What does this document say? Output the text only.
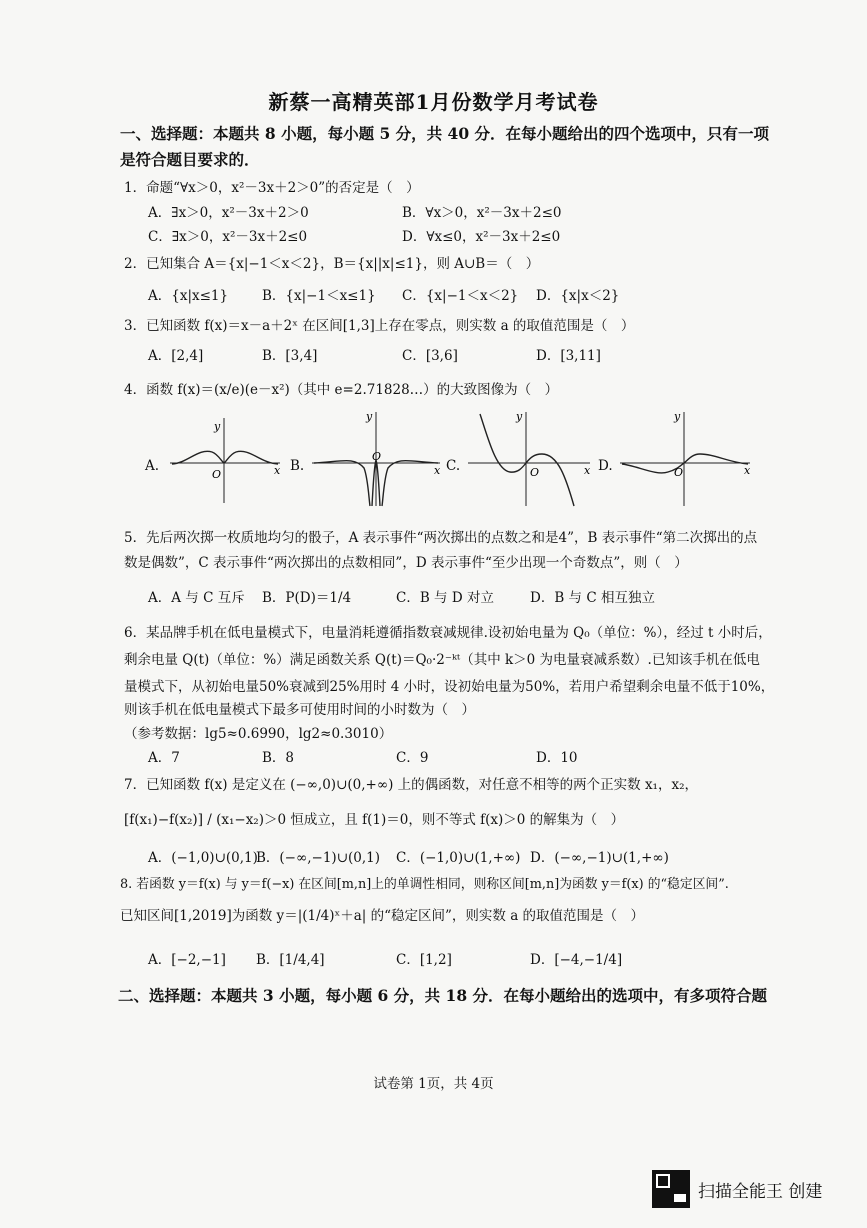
新蔡一高精英部1月份数学月考试卷
一、选择题：本题共 8 小题，每小题 5 分，共 40 分．在每小题给出的四个选项中，只有一项
是符合题目要求的．
1．命题“∀x＞0，x²－3x＋2＞0”的否定是（　）
A．∃x＞0，x²－3x＋2＞0	B．∀x＞0，x²－3x＋2≤0
C．∃x＞0，x²－3x＋2≤0	D．∀x≤0，x²－3x＋2≤0
2．已知集合 A＝{x|−1＜x＜2}，B＝{x||x|≤1}，则 A∪B＝（　）
A．{x|x≤1}	B．{x|−1＜x≤1} C．{x|−1＜x＜2} D．{x|x＜2}
3．已知函数 f(x)＝x－a＋2ˣ 在区间[1,3]上存在零点，则实数 a 的取值范围是（　）
A．[2,4]	B．[3,4]	C．[3,6]	D．[3,11]
4．函数 f(x)＝(x/e)(e－x²)（其中 e=2.71828…）的大致图像为（　）
A.
y
O	x B.
y
O
x C.
y
O	x D.
y
O	x
5．先后两次掷一枚质地均匀的骰子，A 表示事件“两次掷出的点数之和是4”，B 表示事件“第二次掷出的点
数是偶数”，C 表示事件“两次掷出的点数相同”，D 表示事件“至少出现一个奇数点”，则（　）
A．A 与 C 互斥 B．P(D)＝1/4	C．B 与 D 对立	D．B 与 C 相互独立
6．某品牌手机在低电量模式下，电量消耗遵循指数衰减规律.设初始电量为 Q₀（单位：%），经过 t 小时后，
剩余电量 Q(t)（单位：%）满足函数关系 Q(t)＝Q₀·2⁻ᵏᵗ（其中 k＞0 为电量衰减系数）.已知该手机在低电
量模式下，从初始电量50%衰减到25%用时 4 小时，设初始电量为50%，若用户希望剩余电量不低于10%，
则该手机在低电量模式下最多可使用时间的小时数为（　）
（参考数据：lg5≈0.6990，lg2≈0.3010）
A．7	B．8	C．9	D．10
7．已知函数 f(x) 是定义在 (−∞,0)∪(0,+∞) 上的偶函数，对任意不相等的两个正实数 x₁，x₂，
[f(x₁)−f(x₂)] / (x₁−x₂)＞0 恒成立，且 f(1)＝0，则不等式 f(x)＞0 的解集为（　）
A．(−1,0)∪(0,1)
B．(−∞,−1)∪(0,1) C．(−1,0)∪(1,+∞) D．(−∞,−1)∪(1,+∞)
8. 若函数 y＝f(x) 与 y＝f(−x) 在区间[m,n]上的单调性相同，则称区间[m,n]为函数 y＝f(x) 的“稳定区间”.
已知区间[1,2019]为函数 y＝|(1/4)ˣ＋a| 的“稳定区间”，则实数 a 的取值范围是（　）
A．[−2,−1] B．[1/4,4]	C．[1,2]	D．[−4,−1/4]
二、选择题：本题共 3 小题，每小题 6 分，共 18 分．在每小题给出的选项中，有多项符合题
试卷第 1页，共 4页
扫描全能王 创建
